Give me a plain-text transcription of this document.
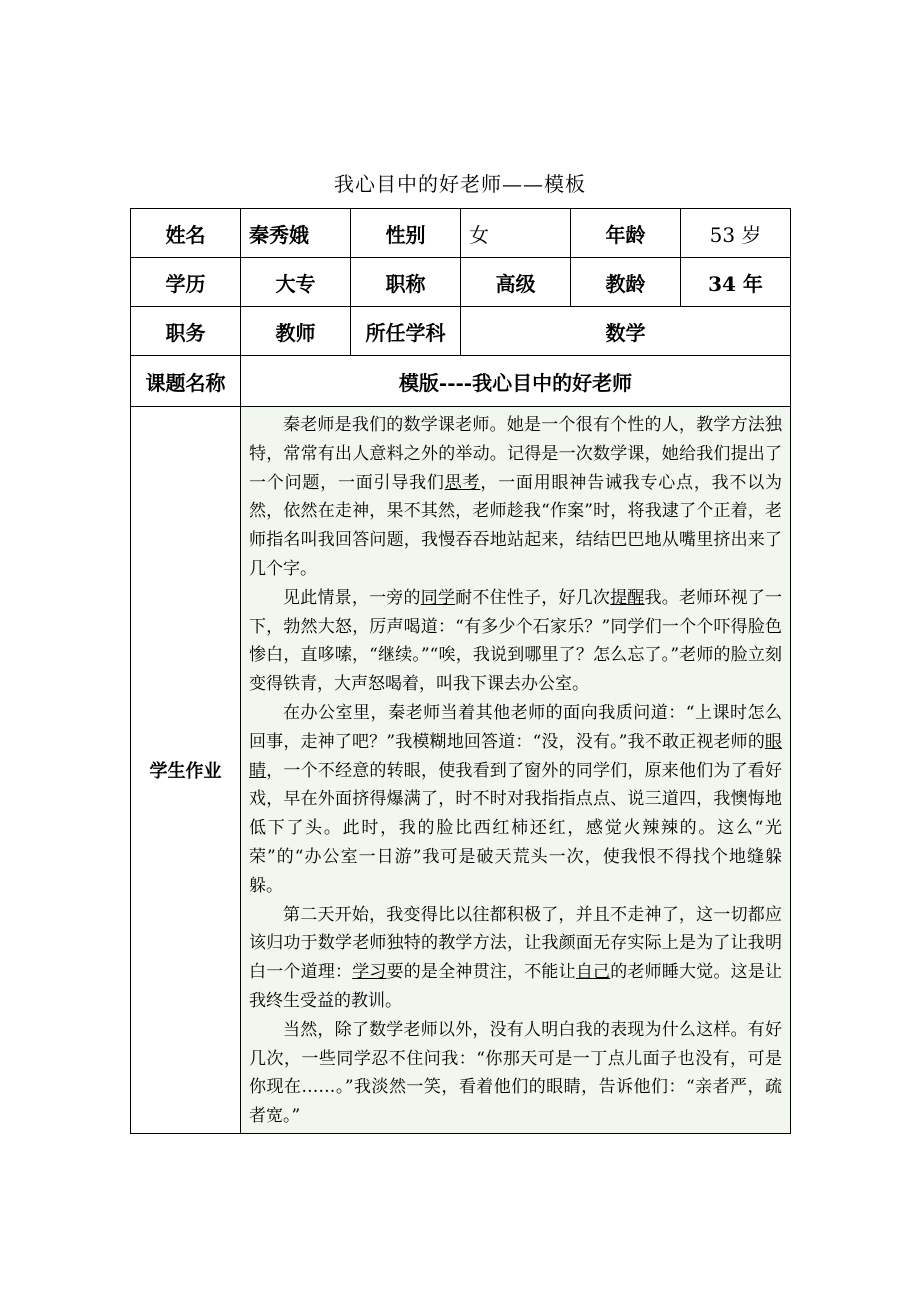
我心目中的好老师——模板
姓名	秦秀娥	性别	女	年龄	53 岁
学历	大专	职称	高级	教龄	34 年
职务	教师	所任学科	数学		
课题名称	模版----我心目中的好老师				
学生作业	秦老师是我们的数学课老师。她是一个很有个性的人，教学方法独特，常常有出人意料之外的举动。记得是一次数学课，她给我们提出了一个问题，一面引导我们思考，一面用眼神告诫我专心点，我不以为然，依然在走神，果不其然，老师趁我“作案”时，将我逮了个正着，老师指名叫我回答问题，我慢吞吞地站起来，结结巴巴地从嘴里挤出来了几个字。

见此情景，一旁的同学耐不住性子，好几次提醒我。老师环视了一下，勃然大怒，厉声喝道：“有多少个石家乐？”同学们一个个吓得脸色惨白，直哆嗦，“继续。”“唉，我说到哪里了？怎么忘了。”老师的脸立刻变得铁青，大声怒喝着，叫我下课去办公室。

在办公室里，秦老师当着其他老师的面向我质问道：“上课时怎么回事，走神了吧？”我模糊地回答道：“没，没有。”我不敢正视老师的眼睛，一个不经意的转眼，使我看到了窗外的同学们，原来他们为了看好戏，早在外面挤得爆满了，时不时对我指指点点、说三道四，我懊悔地低下了头。此时，我的脸比西红柿还红，感觉火辣辣的。这么“光荣”的“办公室一日游”我可是破天荒头一次，使我恨不得找个地缝躲躲。

第二天开始，我变得比以往都积极了，并且不走神了，这一切都应该归功于数学老师独特的教学方法，让我颜面无存实际上是为了让我明白一个道理：学习要的是全神贯注，不能让自己的老师睡大觉。这是让我终生受益的教训。

当然，除了数学老师以外，没有人明白我的表现为什么这样。有好几次，一些同学忍不住问我：“你那天可是一丁点儿面子也没有，可是你现在……。”我淡然一笑，看着他们的眼睛，告诉他们：“亲者严，疏者宽。”				
